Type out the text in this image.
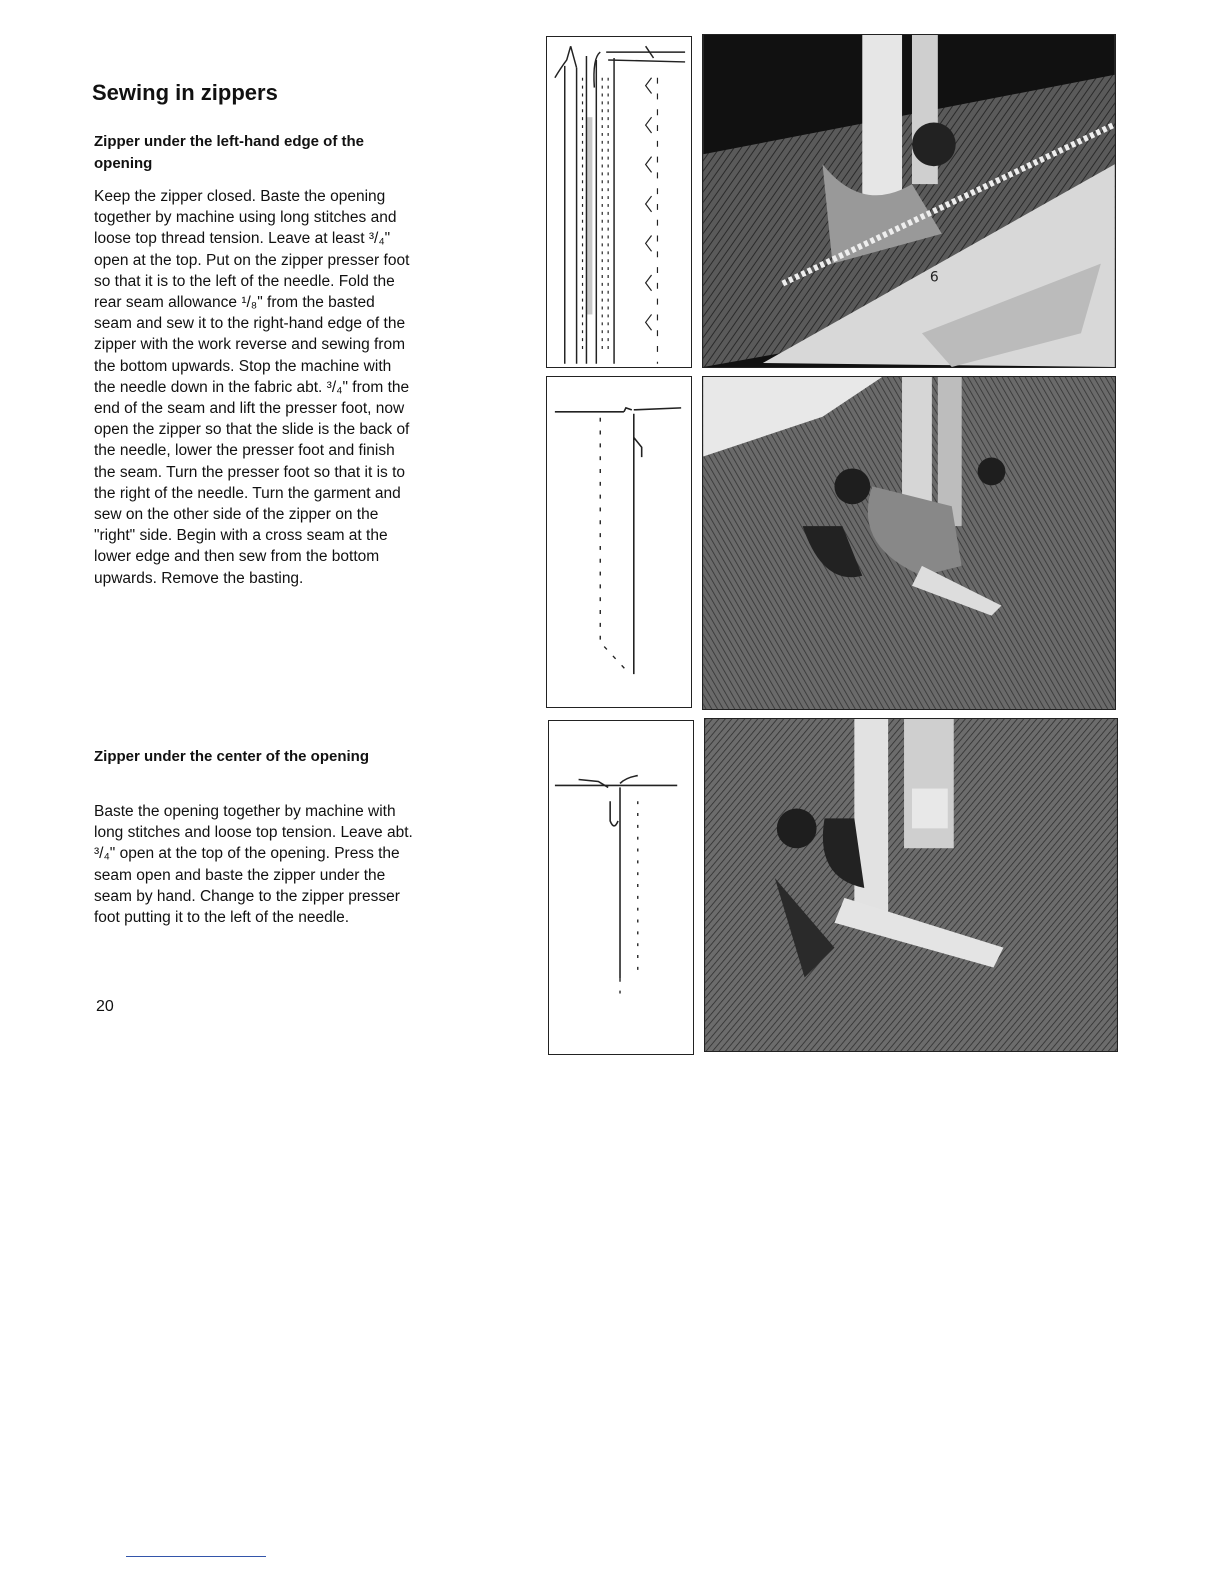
Sewing in zippers
Zipper under the left-hand edge of the opening

Keep the zipper closed. Baste the opening together by machine using long stitches and loose top thread tension. Leave at least ³/₄" open at the top. Put on the zipper presser foot so that it is to the left of the needle. Fold the rear seam allowance ¹/₈" from the basted seam and sew it to the right-hand edge of the zipper with the work reverse and sewing from the bottom upwards. Stop the machine with the needle down in the fabric abt. ³/₄" from the end of the seam and lift the presser foot, now open the zipper so that the slide is the back of the needle, lower the presser foot and finish the seam. Turn the presser foot so that it is to the right of the needle. Turn the garment and sew on the other side of the zipper on the "right" side. Begin with a cross seam at the lower edge and then sew from the bottom upwards. Remove the basting.

Zipper under the center of the opening

Baste the opening together by machine with long stitches and loose top tension. Leave abt. ³/₄" open at the top of the opening. Press the seam open and baste the zipper under the seam by hand. Change to the zipper presser foot putting it to the left of the needle.

20
6
